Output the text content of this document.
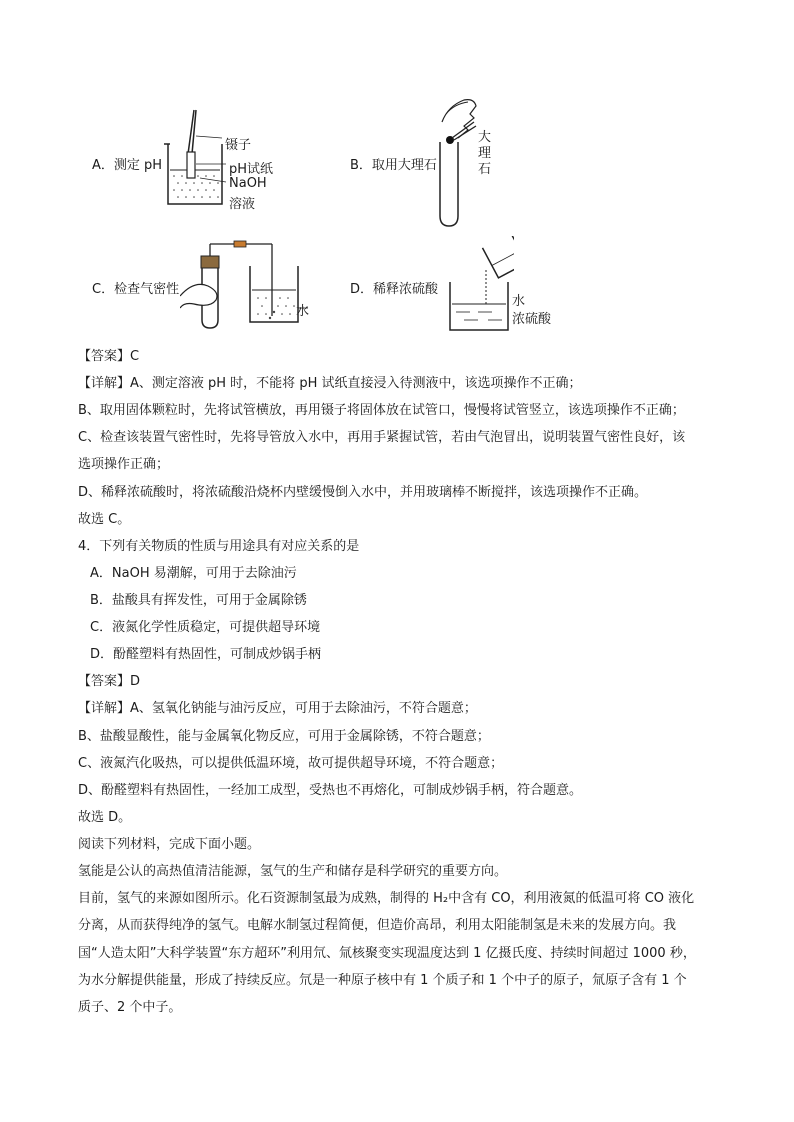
A．测定 pH
镊子
pH试纸
NaOH
溶液
B．取用大理石
大理石
C．检查气密性
水
D．稀释浓硫酸
水
浓硫酸
【答案】C
【详解】A、测定溶液 pH 时，不能将 pH 试纸直接浸入待测液中，该选项操作不正确；
B、取用固体颗粒时，先将试管横放，再用镊子将固体放在试管口，慢慢将试管竖立，该选项操作不正确；
C、检查该装置气密性时，先将导管放入水中，再用手紧握试管，若由气泡冒出，说明装置气密性良好，该
选项操作正确；
D、稀释浓硫酸时，将浓硫酸沿烧杯内壁缓慢倒入水中，并用玻璃棒不断搅拌，该选项操作不正确。
故选 C。
4．下列有关物质的性质与用途具有对应关系的是
A．NaOH 易潮解，可用于去除油污
B．盐酸具有挥发性，可用于金属除锈
C．液氮化学性质稳定，可提供超导环境
D．酚醛塑料有热固性，可制成炒锅手柄
【答案】D
【详解】A、氢氧化钠能与油污反应，可用于去除油污，不符合题意；
B、盐酸显酸性，能与金属氧化物反应，可用于金属除锈，不符合题意；
C、液氮汽化吸热，可以提供低温环境，故可提供超导环境，不符合题意；
D、酚醛塑料有热固性，一经加工成型，受热也不再熔化，可制成炒锅手柄，符合题意。
故选 D。
阅读下列材料，完成下面小题。
氢能是公认的高热值清洁能源，氢气的生产和储存是科学研究的重要方向。
目前，氢气的来源如图所示。化石资源制氢最为成熟，制得的 H₂中含有 CO，利用液氮的低温可将 CO 液化
分离，从而获得纯净的氢气。电解水制氢过程简便，但造价高昂，利用太阳能制氢是未来的发展方向。我
国“人造太阳”大科学装置“东方超环”利用氘、氚核聚变实现温度达到 1 亿摄氏度、持续时间超过 1000 秒，
为水分解提供能量，形成了持续反应。氘是一种原子核中有 1 个质子和 1 个中子的原子，氚原子含有 1 个
质子、2 个中子。
